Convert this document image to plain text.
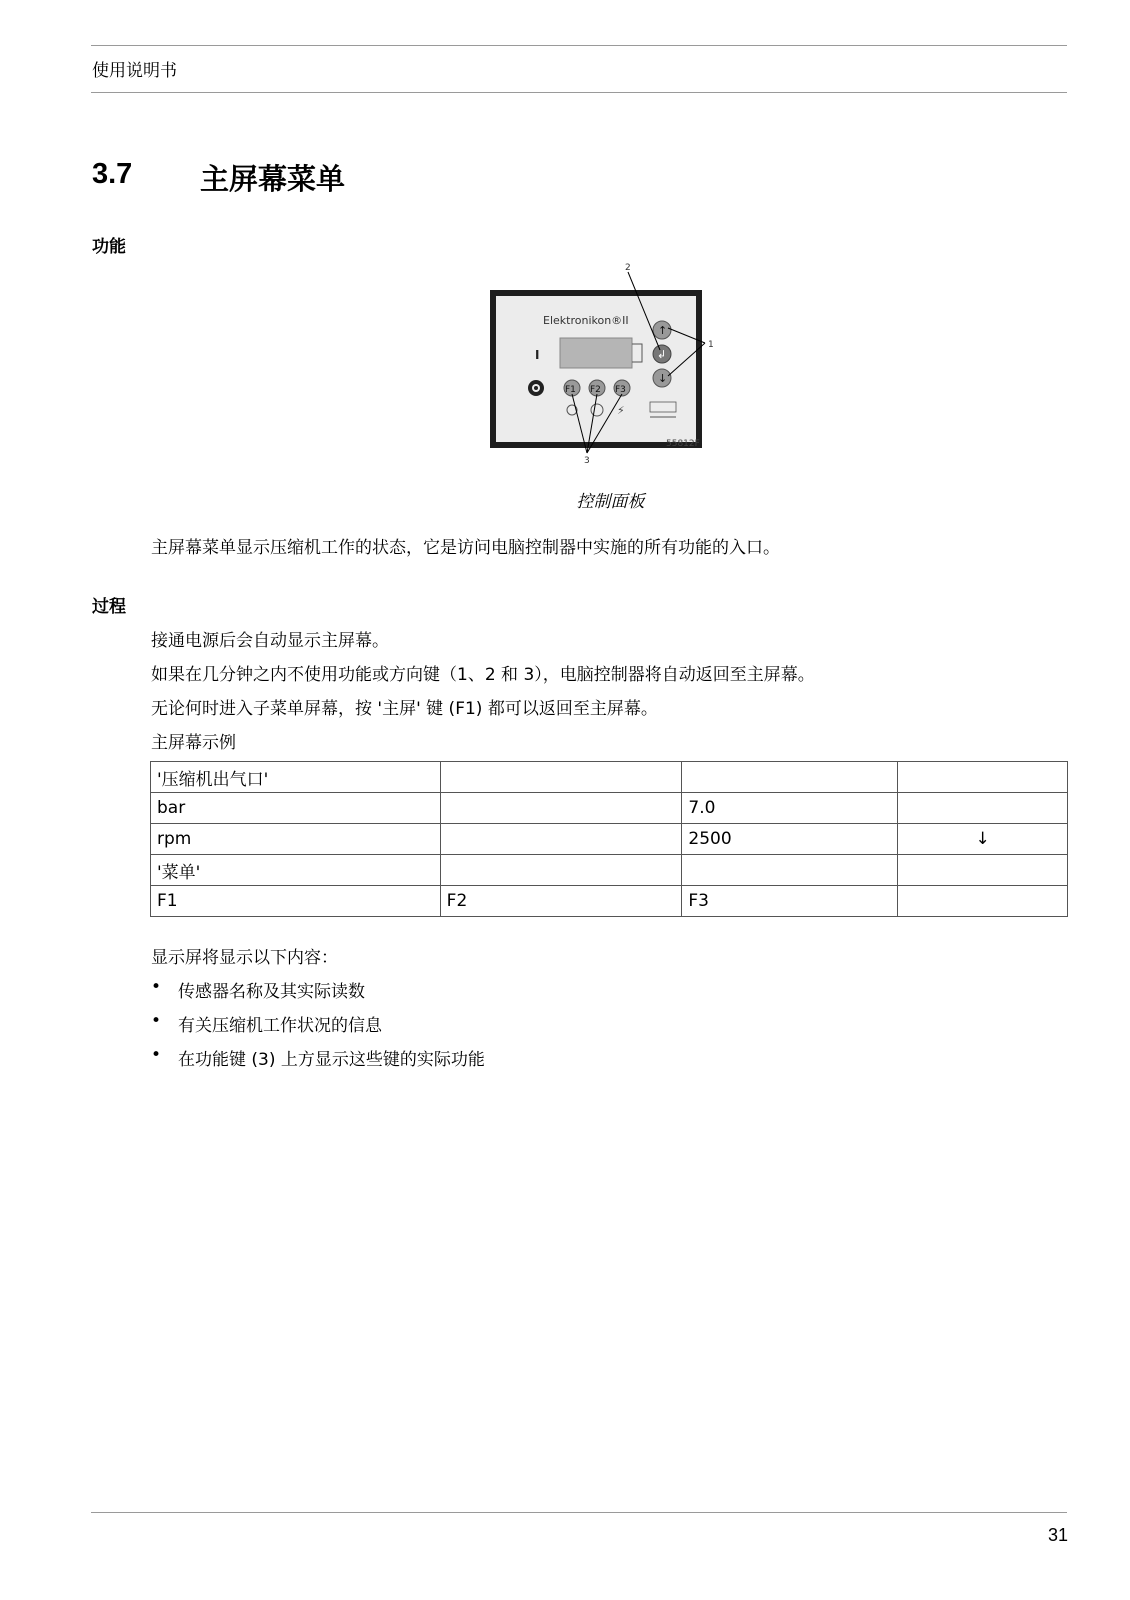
使用说明书
3.7 主屏幕菜单
功能
Elektronikon®II
I
↑
↲
↓
F1 F2 F3
⚡
55812F
2
1
3
控制面板
主屏幕菜单显示压缩机工作的状态，它是访问电脑控制器中实施的所有功能的入口。
过程
接通电源后会自动显示主屏幕。
如果在几分钟之内不使用功能或方向键（1、2 和 3），电脑控制器将自动返回至主屏幕。
无论何时进入子菜单屏幕，按 '主屏' 键 (F1) 都可以返回至主屏幕。
主屏幕示例
'压缩机出气口'			
bar		7.0	
rpm		2500	↓
'菜单'			
F1	F2	F3	
显示屏将显示以下内容：
• 传感器名称及其实际读数
• 有关压缩机工作状况的信息
• 在功能键 (3) 上方显示这些键的实际功能
31
